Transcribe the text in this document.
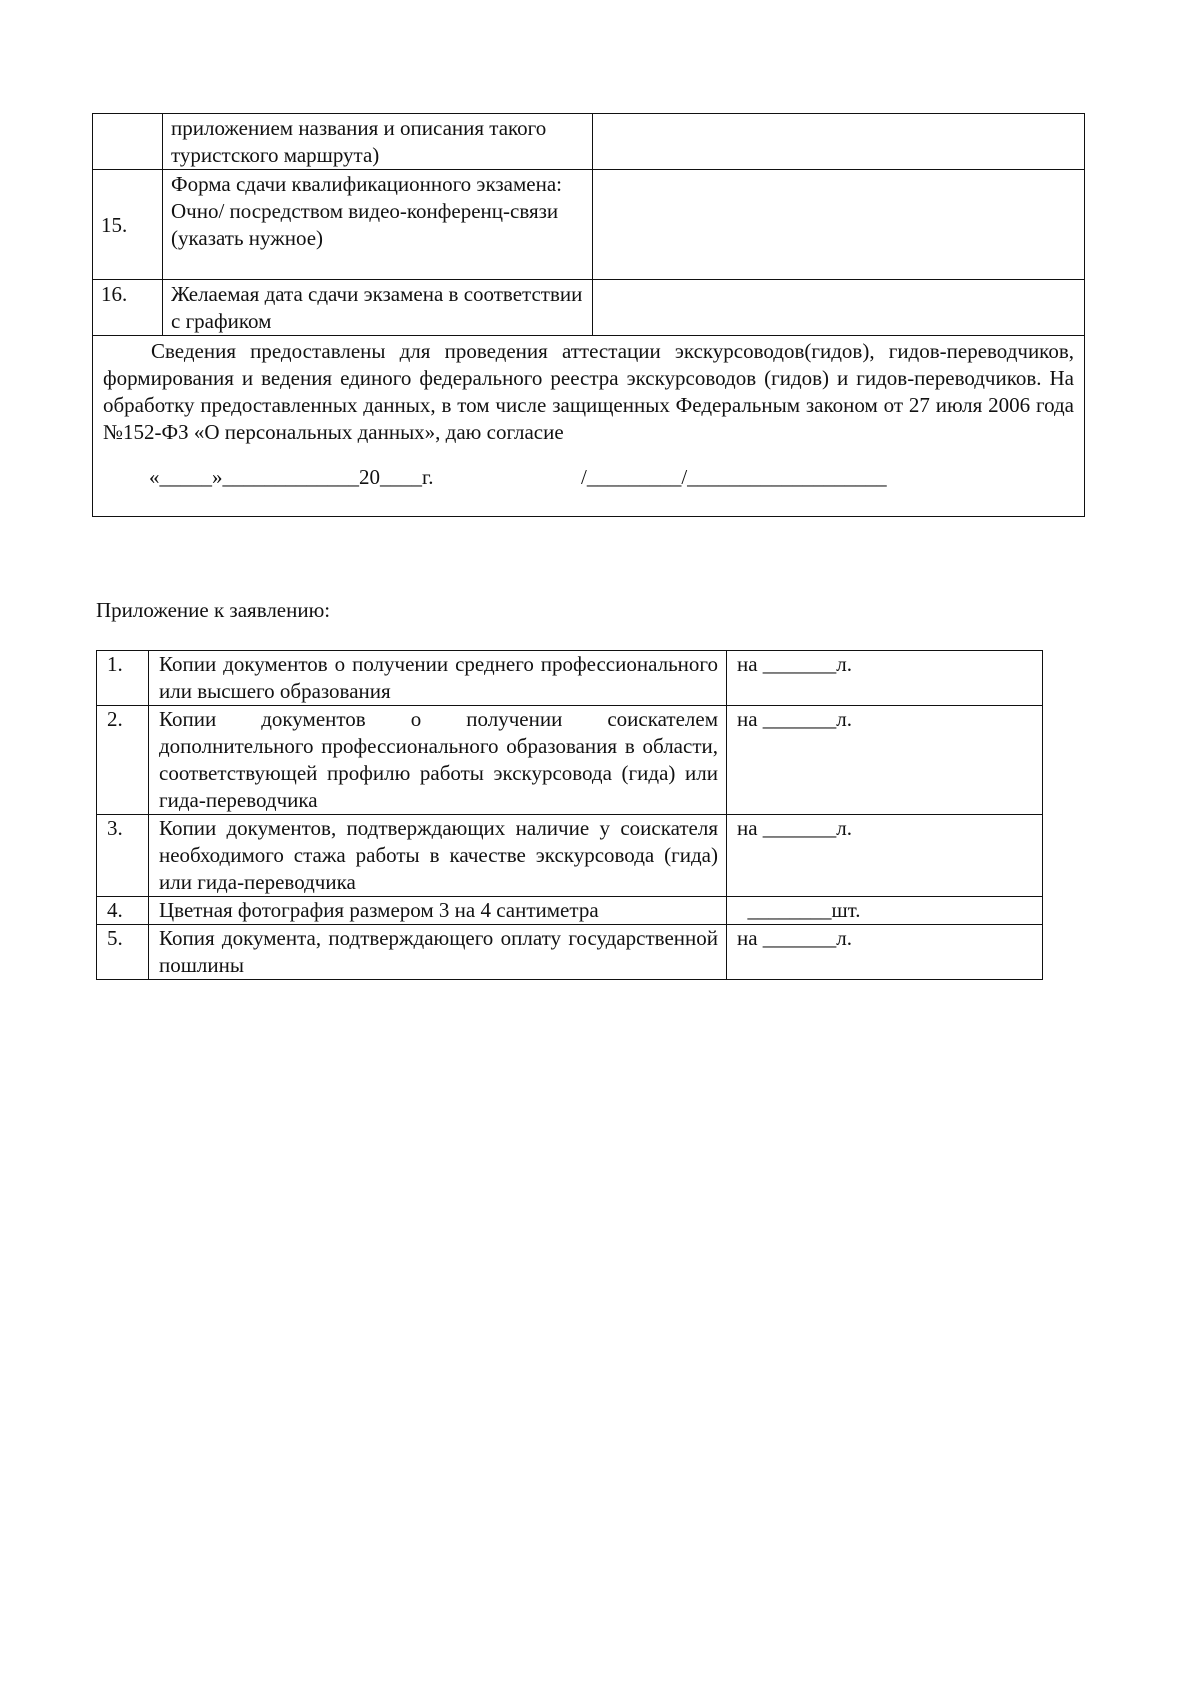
	приложением названия и описания такого туристского маршрута)	
15.	Форма сдачи квалификационного экзамена: Очно/ посредством видео-конференц-связи (указать нужное)	
16.	Желаемая дата сдачи экзамена в соответствии с графиком	

Сведения предоставлены для проведения аттестации экскурсоводов(гидов), гидов-переводчиков, формирования и ведения единого федерального реестра экскурсоводов (гидов) и гидов-переводчиков. На обработку предоставленных данных, в том числе защищенных Федеральным законом от 27 июля 2006 года №152-ФЗ «О персональных данных», даю согласие

«_____»_____________20____г.

/_________/___________________		

Приложение к заявлению:
1.	Копии документов о получении среднего профессионального или высшего образования	на _______л.
2.	Копии документов о получении соискателем дополнительного профессионального образования в области, соответствующей профилю работы экскурсовода (гида) или гида-переводчика	на _______л.
3.	Копии документов, подтверждающих наличие у соискателя необходимого стажа работы в качестве экскурсовода (гида) или гида-переводчика	на _______л.
4.	Цветная фотография размером 3 на 4 сантиметра	________шт.
5.	Копия документа, подтверждающего оплату государственной пошлины	на _______л.
